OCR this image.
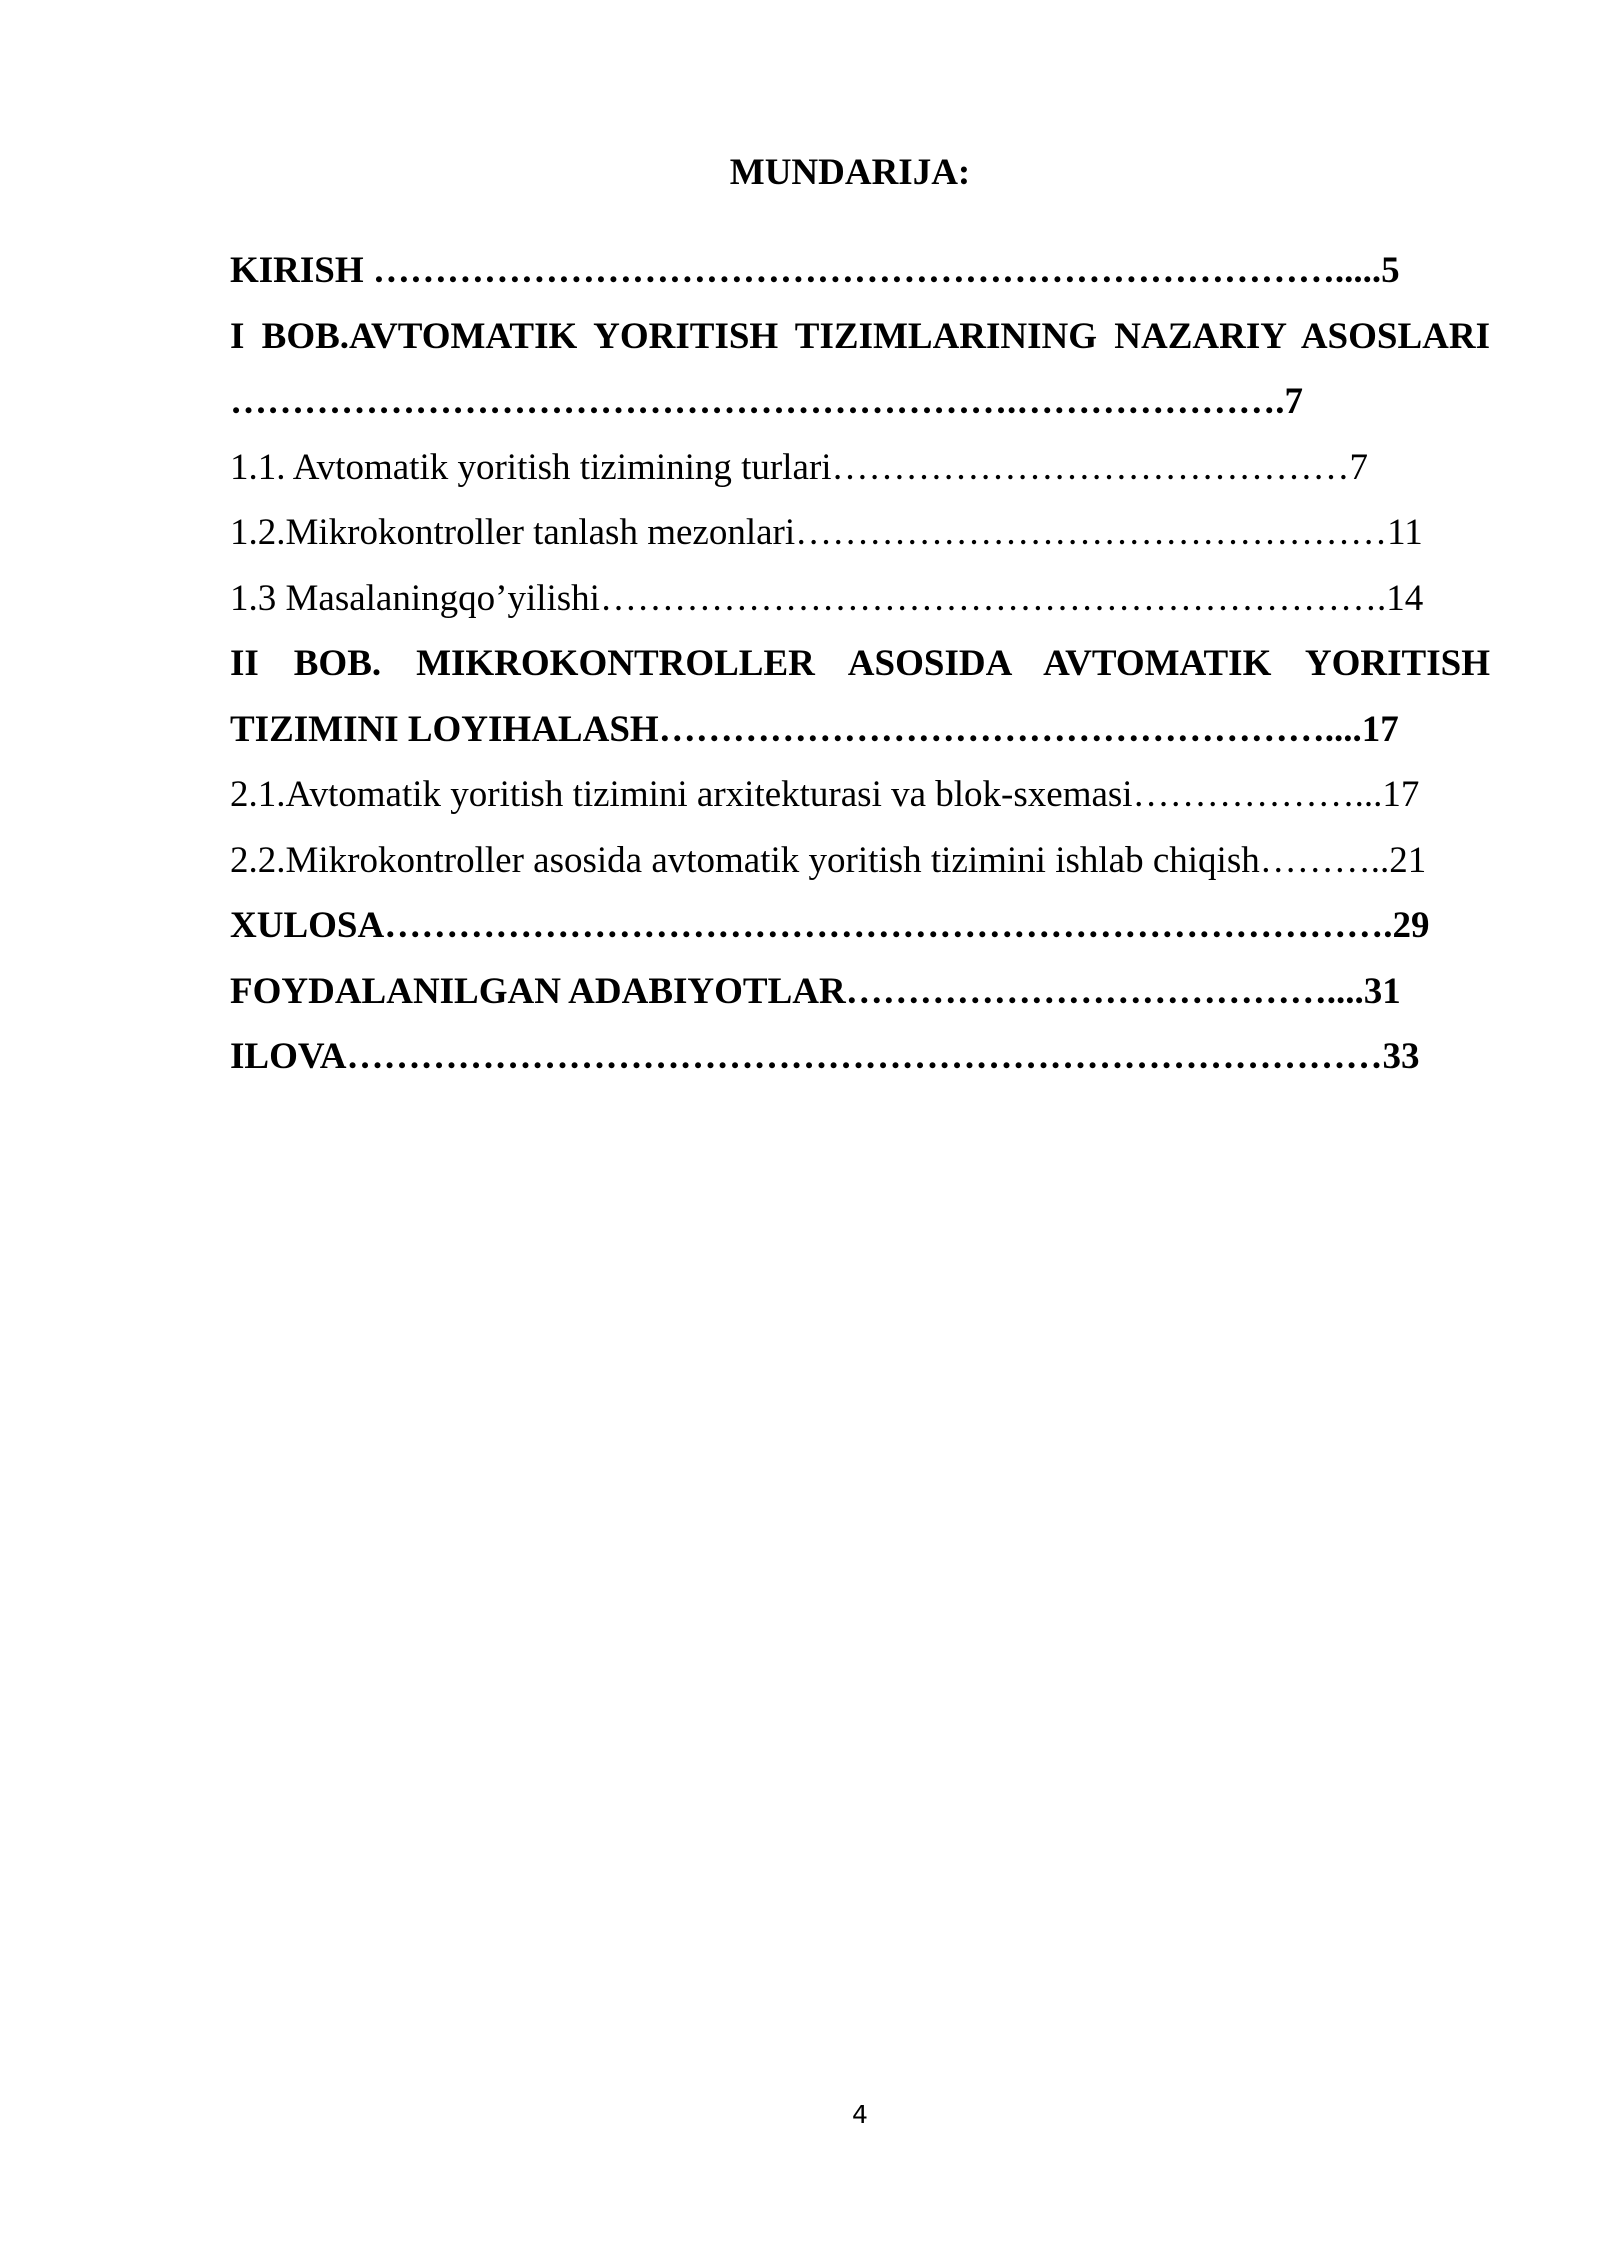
MUNDARIJA:
KIRISH …………………………………………………………………….....5
I BOB.AVTOMATIK YORITISH TIZIMLARINING NAZARIY ASOSLARI
……………………………………………………….………………….7
1.1. Avtomatik yoritish tizimining turlari……………………………………7
1.2.Mikrokontroller tanlash mezonlari…………………………………………11
1.3 Masalaningqo’yilishi……………………………………………………….14
II BOB. MIKROKONTROLLER ASOSIDA AVTOMATIK YORITISH
TIZIMINI LOYIHALASH………………………………………………....17
2.1.Avtomatik yoritish tizimini arxitekturasi va blok-sxemasi………………...17
2.2.Mikrokontroller asosida avtomatik yoritish tizimini ishlab chiqish………..21
XULOSA……………………………………………………………………….29
FOYDALANILGAN ADABIYOTLAR…………………………………....31
ILOVA…………………………………………………………………………33
4
